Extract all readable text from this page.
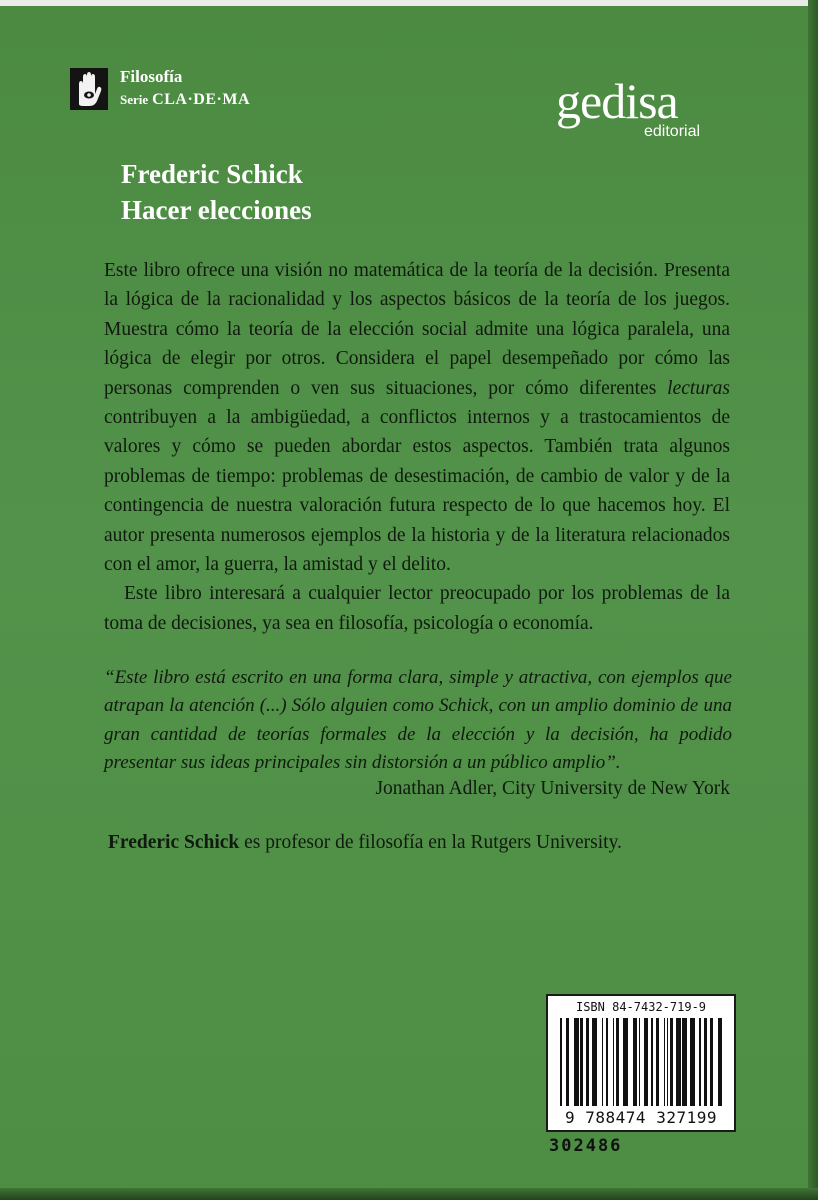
Filosofía
Serie CLA·DE·MA	gedisa
editorial
Frederic Schick
Hacer elecciones

Este libro ofrece una visión no matemática de la teoría de la decisión. Presenta la lógica de la racionalidad y los aspectos básicos de la teoría de los juegos. Muestra cómo la teoría de la elección social admite una lógica paralela, una lógica de elegir por otros. Considera el papel desempeñado por cómo las personas comprenden o ven sus situaciones, por cómo diferentes lecturas contribuyen a la ambigüedad, a conflictos internos y a trastocamientos de valores y cómo se pueden abordar estos aspectos. También trata algunos problemas de tiempo: problemas de desestimación, de cambio de valor y de la contingencia de nuestra valoración futura respecto de lo que hacemos hoy. El autor presenta numerosos ejemplos de la historia y de la literatura relacionados con el amor, la guerra, la amistad y el delito.

Este libro interesará a cualquier lector preocupado por los problemas de la toma de decisiones, ya sea en filosofía, psicología o economía.

“Este libro está escrito en una forma clara, simple y atractiva, con ejemplos que atrapan la atención (...) Sólo alguien como Schick, con un amplio dominio de una gran cantidad de teorías formales de la elección y la decisión, ha podido presentar sus ideas principales sin distorsión a un público amplio”.
Jonathan Adler, City University de New York
Frederic Schick es profesor de filosofía en la Rutgers University.
ISBN 84-7432-719-9
9 788474 327199
302486
